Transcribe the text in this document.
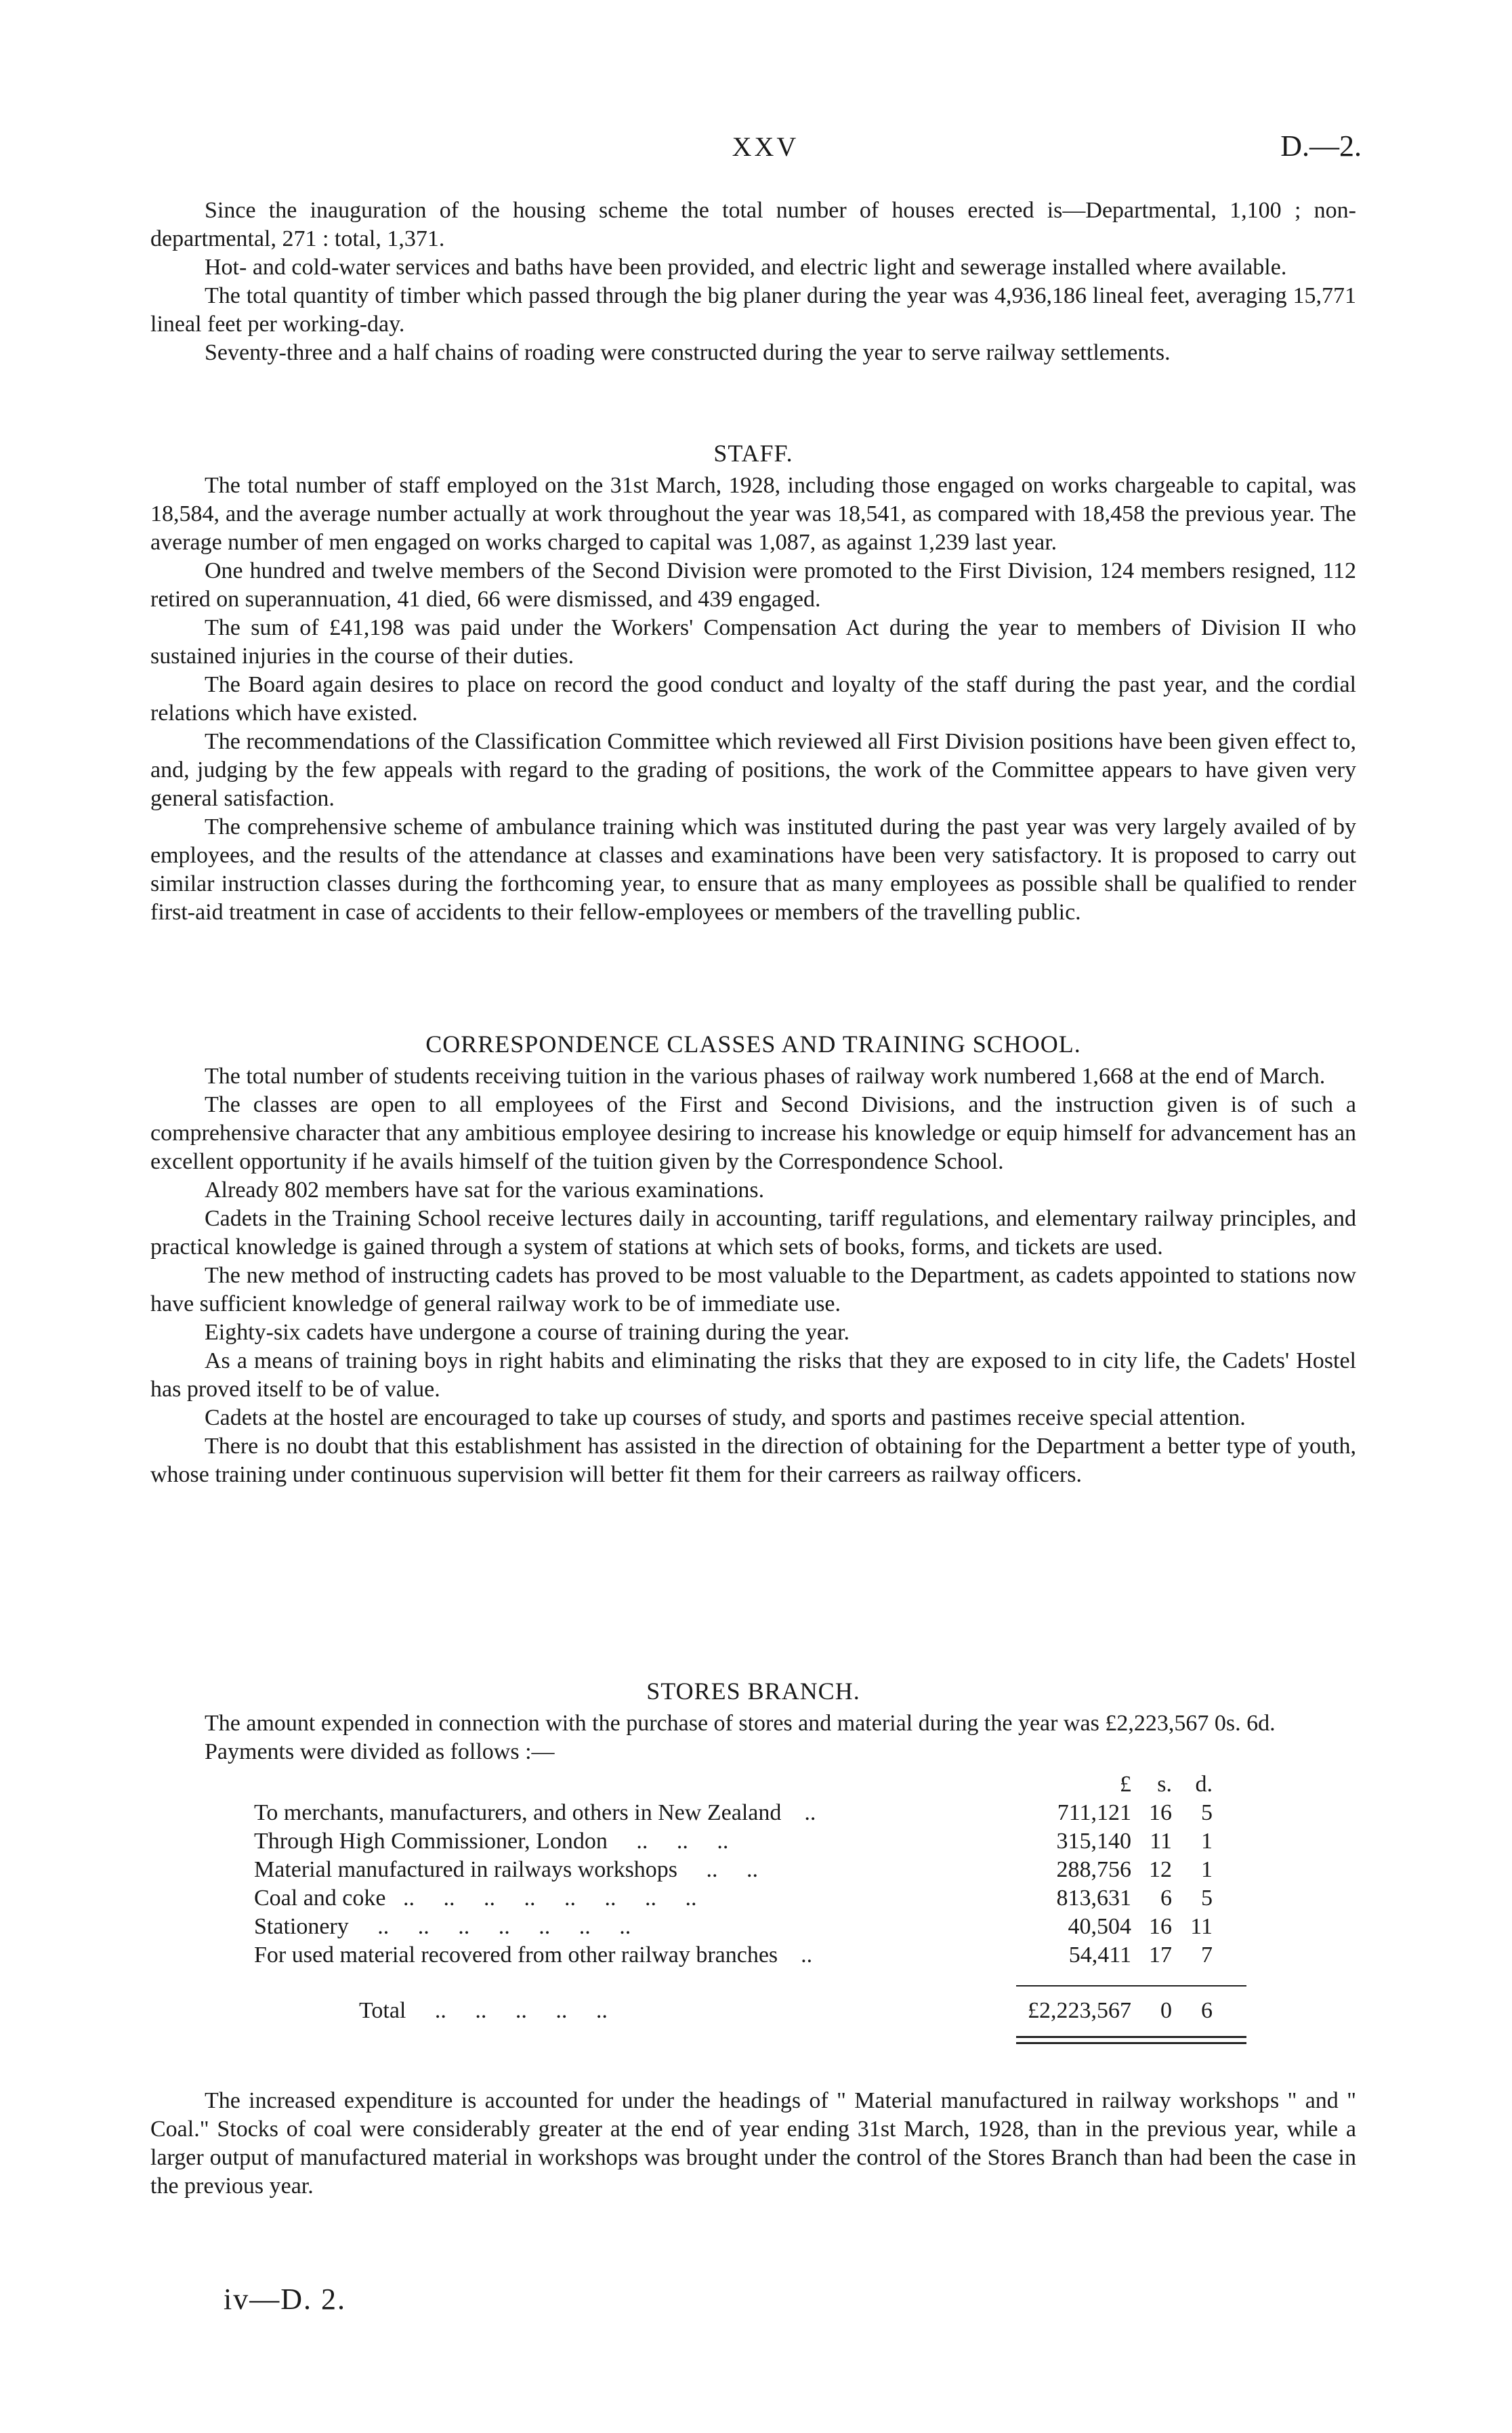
XXV	D.—2.

Since the inauguration of the housing scheme the total number of houses erected is—Departmental, 1,100 ; non-departmental, 271 : total, 1,371.

Hot- and cold-water services and baths have been provided, and electric light and sewerage installed where available.

The total quantity of timber which passed through the big planer during the year was 4,936,186 lineal feet, averaging 15,771 lineal feet per working-day.

Seventy-three and a half chains of roading were constructed during the year to serve railway settlements.

STAFF.

The total number of staff employed on the 31st March, 1928, including those engaged on works chargeable to capital, was 18,584, and the average number actually at work throughout the year was 18,541, as compared with 18,458 the previous year. The average number of men engaged on works charged to capital was 1,087, as against 1,239 last year.

One hundred and twelve members of the Second Division were promoted to the First Division, 124 members resigned, 112 retired on superannuation, 41 died, 66 were dismissed, and 439 engaged.

The sum of £41,198 was paid under the Workers' Compensation Act during the year to members of Division II who sustained injuries in the course of their duties.

The Board again desires to place on record the good conduct and loyalty of the staff during the past year, and the cordial relations which have existed.

The recommendations of the Classification Committee which reviewed all First Division positions have been given effect to, and, judging by the few appeals with regard to the grading of positions, the work of the Committee appears to have given very general satisfaction.

The comprehensive scheme of ambulance training which was instituted during the past year was very largely availed of by employees, and the results of the attendance at classes and examinations have been very satisfactory. It is proposed to carry out similar instruction classes during the forthcoming year, to ensure that as many employees as possible shall be qualified to render first-aid treatment in case of accidents to their fellow-employees or members of the travelling public.

CORRESPONDENCE CLASSES AND TRAINING SCHOOL.

The total number of students receiving tuition in the various phases of railway work numbered 1,668 at the end of March.

The classes are open to all employees of the First and Second Divisions, and the instruction given is of such a comprehensive character that any ambitious employee desiring to increase his knowledge or equip himself for advancement has an excellent opportunity if he avails himself of the tuition given by the Correspondence School.

Already 802 members have sat for the various examinations.

Cadets in the Training School receive lectures daily in accounting, tariff regulations, and elementary railway principles, and practical knowledge is gained through a system of stations at which sets of books, forms, and tickets are used.

The new method of instructing cadets has proved to be most valuable to the Department, as cadets appointed to stations now have sufficient knowledge of general railway work to be of immediate use.

Eighty-six cadets have undergone a course of training during the year.

As a means of training boys in right habits and eliminating the risks that they are exposed to in city life, the Cadets' Hostel has proved itself to be of value.

Cadets at the hostel are encouraged to take up courses of study, and sports and pastimes receive special attention.

There is no doubt that this establishment has assisted in the direction of obtaining for the Department a better type of youth, whose training under continuous supervision will better fit them for their carreers as railway officers.

STORES BRANCH.

The amount expended in connection with the purchase of stores and material during the year was £2,223,567 0s. 6d.

Payments were divided as follows :—

£	s.	d.
To merchants, manufacturers, and others in New Zealand    ..	711,121 16	5
Through High Commissioner, London     ..     ..     ..	315,140 11	1
Material manufactured in railways workshops     ..     ..	288,756 12	1
Coal and coke   ..     ..     ..     ..     ..     ..     ..     ..	813,631	6	5
Stationery     ..     ..     ..     ..     ..     ..     ..	40,504 16 11
For used material recovered from other railway branches    ..	54,411 17	7
Total     ..     ..     ..     ..     ..	£2,223,567	0	6

The increased expenditure is accounted for under the headings of " Material manufactured in railway workshops " and " Coal." Stocks of coal were considerably greater at the end of year ending 31st March, 1928, than in the previous year, while a larger output of manufactured material in workshops was brought under the control of the Stores Branch than had been the case in the previous year.

iv—D. 2.
